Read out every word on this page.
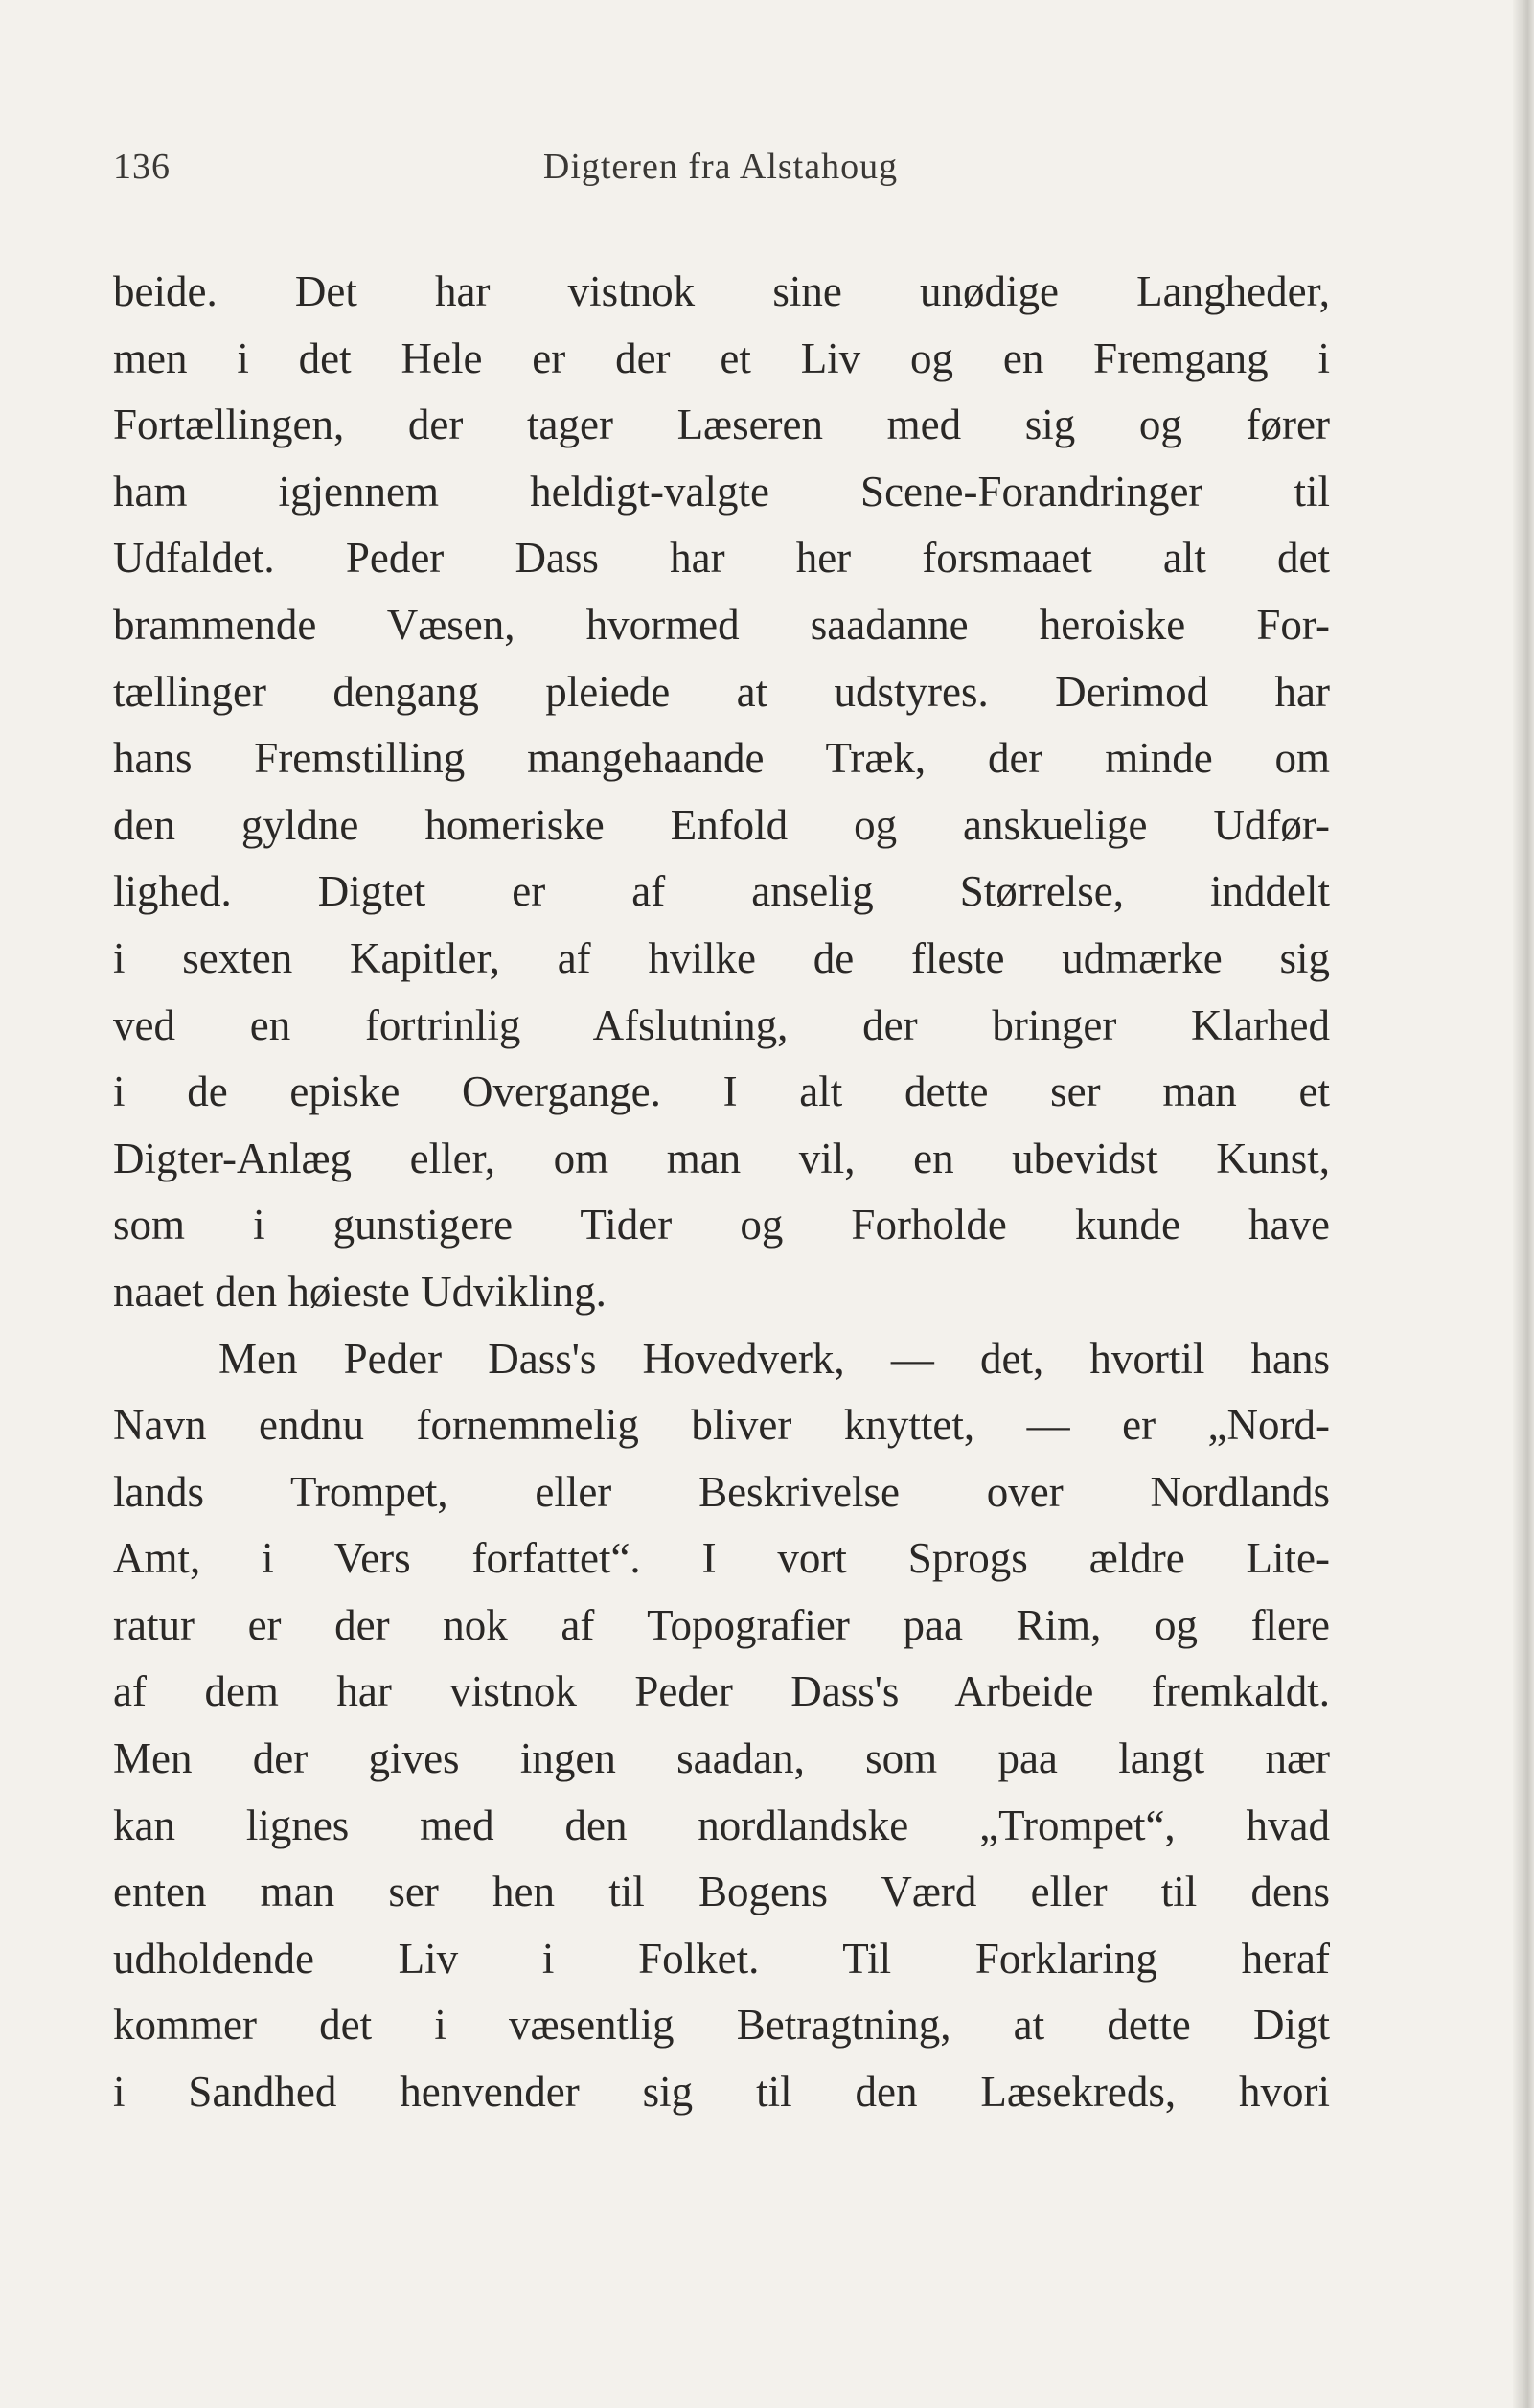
136	Digteren fra Alstahoug
beide. Det har vistnok sine unødige Langheder,
men i det Hele er der et Liv og en Fremgang i
Fortællingen, der tager Læseren med sig og fører
ham igjennem heldigt-valgte Scene-Forandringer til
Udfaldet. Peder Dass har her forsmaaet alt det
brammende Væsen, hvormed saadanne heroiske For-
tællinger dengang pleiede at udstyres. Derimod har
hans Fremstilling mangehaande Træk, der minde om
den gyldne homeriske Enfold og anskuelige Udfør-
lighed. Digtet er af anselig Størrelse, inddelt
i sexten Kapitler, af hvilke de fleste udmærke sig
ved en fortrinlig Afslutning, der bringer Klarhed
i de episke Overgange. I alt dette ser man et
Digter-Anlæg eller, om man vil, en ubevidst Kunst,
som i gunstigere Tider og Forholde kunde have
naaet den høieste Udvikling.
Men Peder Dass's Hovedverk, — det, hvortil hans
Navn endnu fornemmelig bliver knyttet, — er „Nord-
lands Trompet, eller Beskrivelse over Nordlands
Amt, i Vers forfattet“. I vort Sprogs ældre Lite-
ratur er der nok af Topografier paa Rim, og flere
af dem har vistnok Peder Dass's Arbeide fremkaldt.
Men der gives ingen saadan, som paa langt nær
kan lignes med den nordlandske „Trompet“, hvad
enten man ser hen til Bogens Værd eller til dens
udholdende Liv i Folket. Til Forklaring heraf
kommer det i væsentlig Betragtning, at dette Digt
i Sandhed henvender sig til den Læsekreds, hvori
